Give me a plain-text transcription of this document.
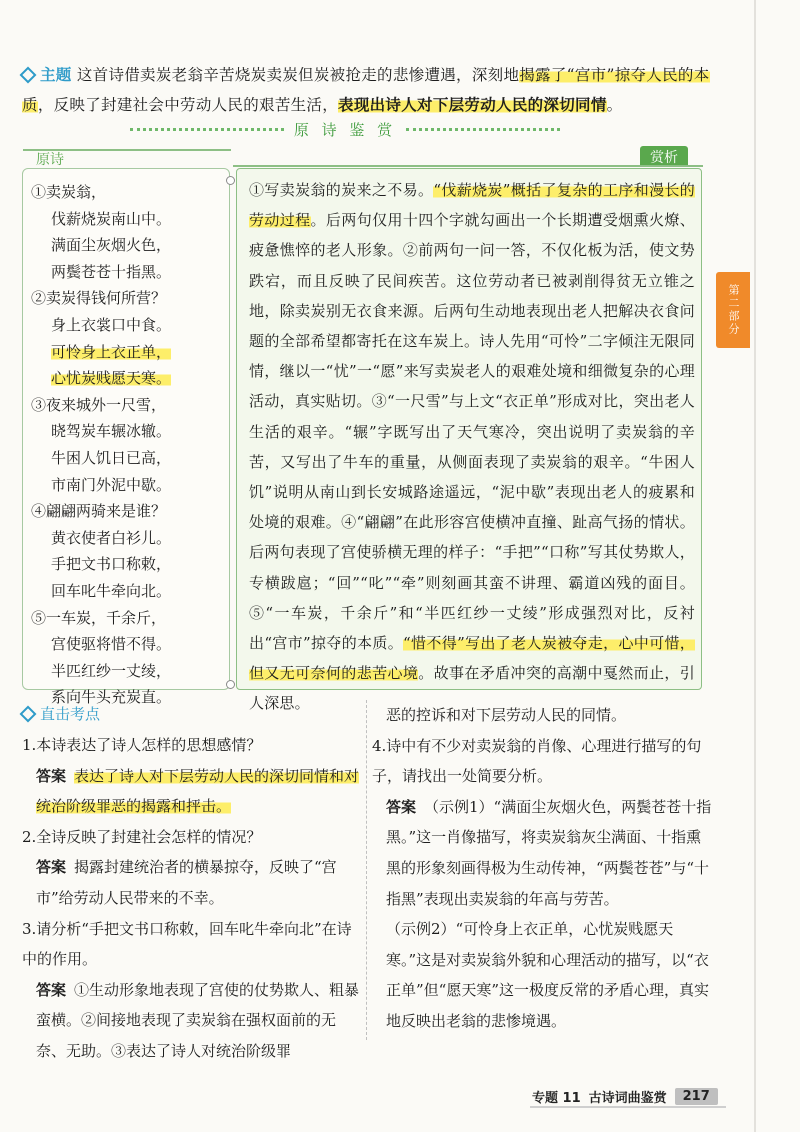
主题 这首诗借卖炭老翁辛苦烧炭卖炭但炭被抢走的悲惨遭遇，深刻地揭露了“宫市”掠夺人民的本质，反映了封建社会中劳动人民的艰苦生活，表现出诗人对下层劳动人民的深切同情。
原 诗 鉴 赏
原诗	赏析
①卖炭翁，
伐薪烧炭南山中。
满面尘灰烟火色，
两鬓苍苍十指黑。
②卖炭得钱何所营？
身上衣裳口中食。
可怜身上衣正单，
心忧炭贱愿天寒。
③夜来城外一尺雪，
晓驾炭车辗冰辙。
牛困人饥日已高，
市南门外泥中歇。
④翩翩两骑来是谁？
黄衣使者白衫儿。
手把文书口称敕，
回车叱牛牵向北。
⑤一车炭，千余斤，
宫使驱将惜不得。
半匹红纱一丈绫，
系向牛头充炭直。
①写卖炭翁的炭来之不易。“伐薪烧炭”概括了复杂的工序和漫长的劳动过程。后两句仅用十四个字就勾画出一个长期遭受烟熏火燎、疲惫憔悴的老人形象。②前两句一问一答，不仅化板为活，使文势跌宕，而且反映了民间疾苦。这位劳动者已被剥削得贫无立锥之地，除卖炭别无衣食来源。后两句生动地表现出老人把解决衣食问题的全部希望都寄托在这车炭上。诗人先用“可怜”二字倾注无限同情，继以一“忧”一“愿”来写卖炭老人的艰难处境和细微复杂的心理活动，真实贴切。③“一尺雪”与上文“衣正单”形成对比，突出老人生活的艰辛。“辗”字既写出了天气寒冷，突出说明了卖炭翁的辛苦，又写出了牛车的重量，从侧面表现了卖炭翁的艰辛。“牛困人饥”说明从南山到长安城路途遥远，“泥中歇”表现出老人的疲累和处境的艰难。④“翩翩”在此形容宫使横冲直撞、趾高气扬的情状。后两句表现了宫使骄横无理的样子：“手把”“口称”写其仗势欺人，专横跋扈；“回”“叱”“牵”则刻画其蛮不讲理、霸道凶残的面目。⑤“一车炭，千余斤”和“半匹红纱一丈绫”形成强烈对比，反衬出“宫市”掠夺的本质。“惜不得”写出了老人炭被夺走，心中可惜，但又无可奈何的悲苦心境。故事在矛盾冲突的高潮中戛然而止，引人深思。
第二部分
直击考点
1.本诗表达了诗人怎样的思想感情？
答案 表达了诗人对下层劳动人民的深切同情和对统治阶级罪恶的揭露和抨击。
2.全诗反映了封建社会怎样的情况？
答案 揭露封建统治者的横暴掠夺，反映了“宫市”给劳动人民带来的不幸。
3.请分析“手把文书口称敕，回车叱牛牵向北”在诗中的作用。
答案 ①生动形象地表现了宫使的仗势欺人、粗暴蛮横。②间接地表现了卖炭翁在强权面前的无奈、无助。③表达了诗人对统治阶级罪
恶的控诉和对下层劳动人民的同情。
4.诗中有不少对卖炭翁的肖像、心理进行描写的句子，请找出一处简要分析。
答案 （示例1）“满面尘灰烟火色，两鬓苍苍十指黑。”这一肖像描写，将卖炭翁灰尘满面、十指熏黑的形象刻画得极为生动传神，“两鬓苍苍”与“十指黑”表现出卖炭翁的年高与劳苦。
（示例2）“可怜身上衣正单，心忧炭贱愿天寒。”这是对卖炭翁外貌和心理活动的描写，以“衣正单”但“愿天寒”这一极度反常的矛盾心理，真实地反映出老翁的悲惨境遇。
专题 11 古诗词曲鉴赏	217
